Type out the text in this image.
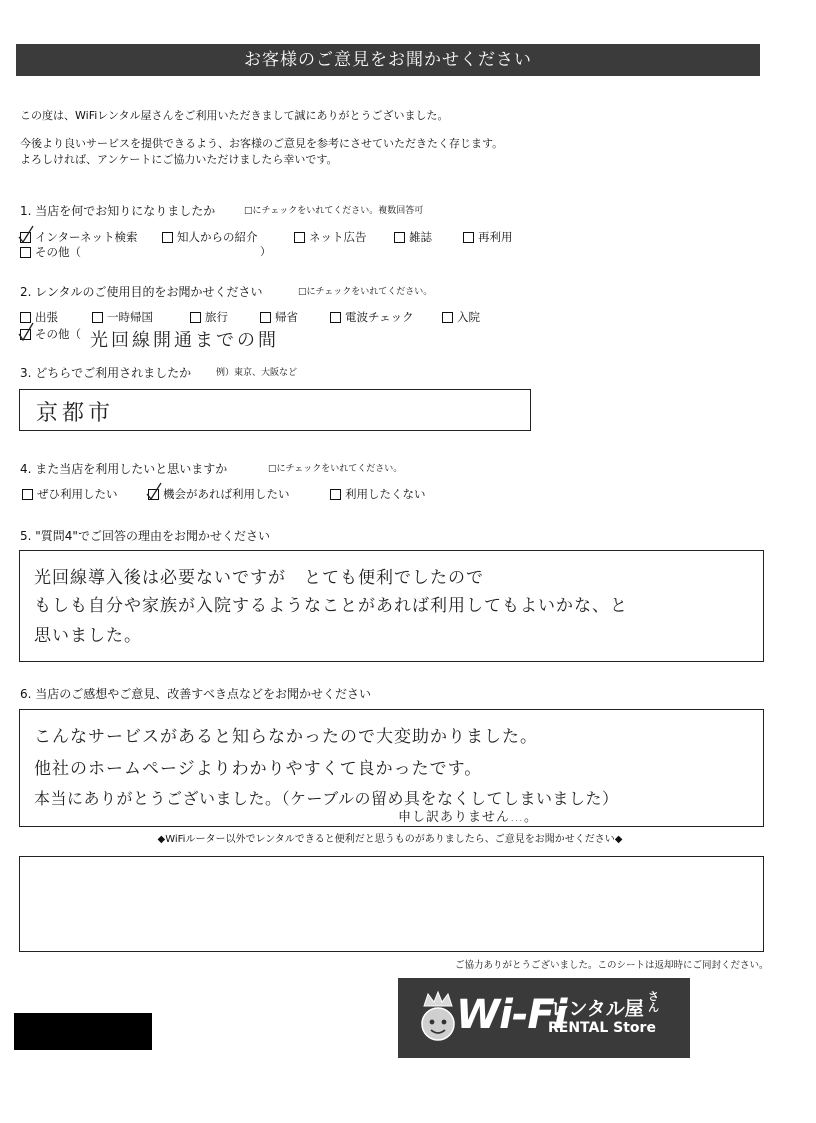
お客様のご意見をお聞かせください
この度は、WiFiレンタル屋さんをご利用いただきまして誠にありがとうございました。
今後より良いサービスを提供できるよう、お客様のご意見を参考にさせていただきたく存じます。
よろしければ、アンケートにご協力いただけましたら幸いです。
1. 当店を何でお知りになりましたか	□にチェックをいれてください。複数回答可
インターネット検索	知人からの紹介	ネット広告	雑誌	再利用
その他（	）
2. レンタルのご使用目的をお聞かせください	□にチェックをいれてください。
出張	一時帰国	旅行	帰省	電波チェック	入院
その他（ 光回線開通までの間
3. どちらでご利用されましたか	例）東京、大阪など
京都市
4. また当店を利用したいと思いますか	□にチェックをいれてください。
ぜひ利用したい	機会があれば利用したい	利用したくない
5. "質問4"でご回答の理由をお聞かせください
光回線導入後は必要ないですが　とても便利でしたので
もしも自分や家族が入院するようなことがあれば利用してもよいかな、と
思いました。
6. 当店のご感想やご意見、改善すべき点などをお聞かせください
こんなサービスがあると知らなかったので大変助かりました。
他社のホームページよりわかりやすくて良かったです。
本当にありがとうございました。（ケーブルの留め具をなくしてしまいました）
申し訳ありません…。
◆WiFiルーター以外でレンタルできると便利だと思うものがありましたら、ご意見をお聞かせください◆
ご協力ありがとうございました。このシートは返却時にご同封ください。
Wi-Fi
レンタル屋
さん
RENTAL Store
